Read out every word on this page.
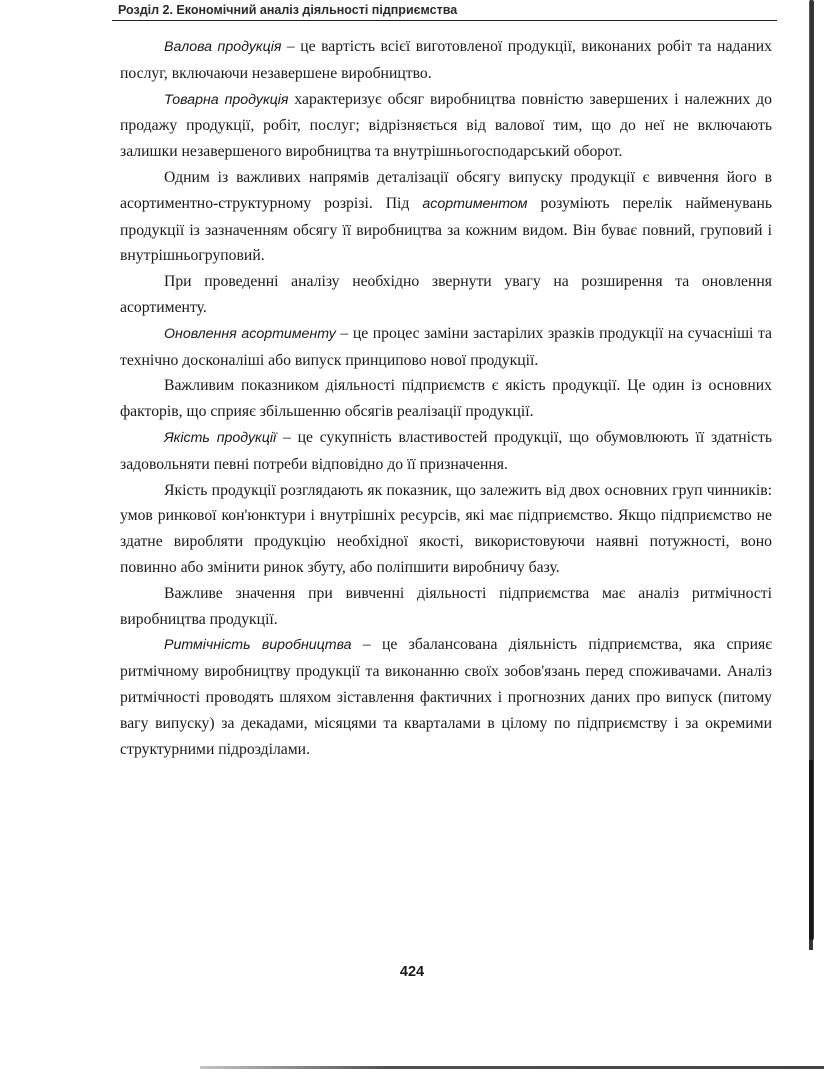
Розділ 2. Економічний аналіз діяльності підприємства

Валова продукція – це вартість всієї виготовленої продукції, виконаних робіт та наданих послуг, включаючи незавершене виробництво.

Товарна продукція характеризує обсяг виробництва повністю завершених і належних до продажу продукції, робіт, послуг; відрізняється від валової тим, що до неї не включають залишки незавершеного виробництва та внутрішньогосподарський оборот.

Одним із важливих напрямів деталізації обсягу випуску продукції є вивчення його в асортиментно-структурному розрізі. Під асортиментом розуміють перелік найменувань продукції із зазначенням обсягу її виробництва за кожним видом. Він буває повний, груповий і внутрішньогруповий.

При проведенні аналізу необхідно звернути увагу на розширення та оновлення асортименту.

Оновлення асортименту – це процес заміни застарілих зразків продукції на сучасніші та технічно досконаліші або випуск принципово нової продукції.

Важливим показником діяльності підприємств є якість продукції. Це один із основних факторів, що сприяє збільшенню обсягів реалізації продукції.

Якість продукції – це сукупність властивостей продукції, що обумовлюють її здатність задовольняти певні потреби відповідно до її призначення.

Якість продукції розглядають як показник, що залежить від двох основних груп чинників: умов ринкової кон'юнктури і внутрішніх ресурсів, які має підприємство. Якщо підприємство не здатне виробляти продукцію необхідної якості, використовуючи наявні потужності, воно повинно або змінити ринок збуту, або поліпшити виробничу базу.

Важливе значення при вивченні діяльності підприємства має аналіз ритмічності виробництва продукції.

Ритмічність виробництва – це збалансована діяльність підприємства, яка сприяє ритмічному виробництву продукції та виконанню своїх зобов'язань перед споживачами. Аналіз ритмічності проводять шляхом зіставлення фактичних і прогнозних даних про випуск (питому вагу випуску) за декадами, місяцями та кварталами в цілому по підприємству і за окремими структурними підрозділами.

424
